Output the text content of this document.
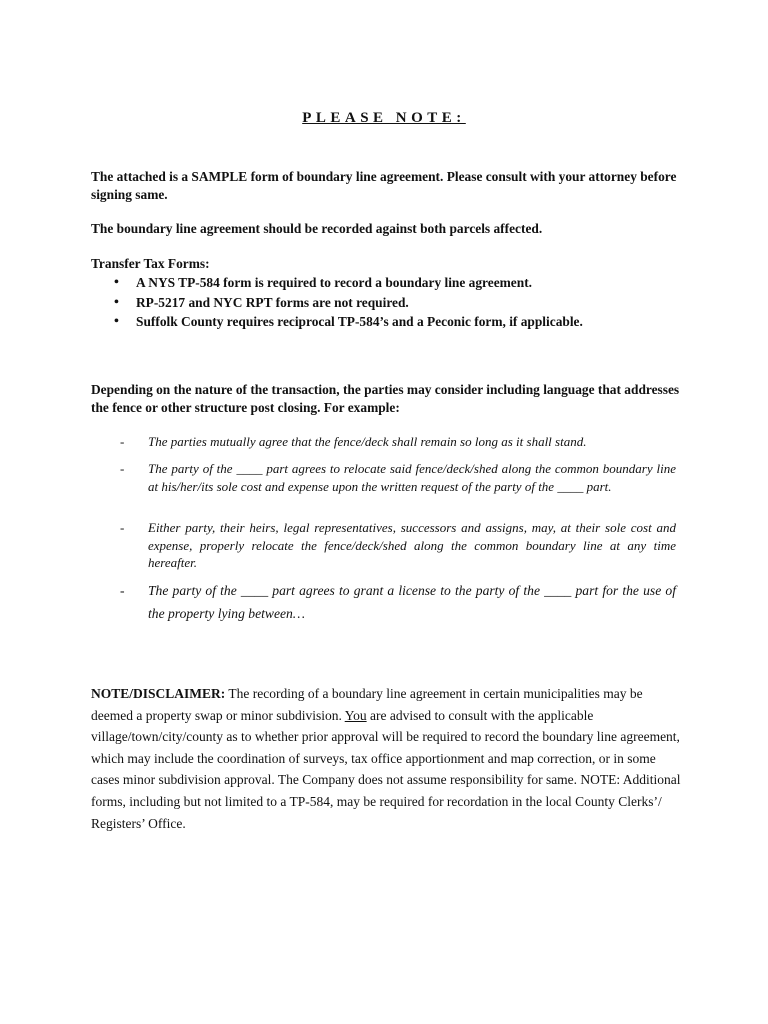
PLEASE NOTE:
The attached is a SAMPLE form of boundary line agreement. Please consult with your attorney before signing same.
The boundary line agreement should be recorded against both parcels affected.
Transfer Tax Forms:
• A NYS TP-584 form is required to record a boundary line agreement.
• RP-5217 and NYC RPT forms are not required.
• Suffolk County requires reciprocal TP-584’s and a Peconic form, if applicable.
Depending on the nature of the transaction, the parties may consider including language that addresses the fence or other structure post closing. For example:
-	The parties mutually agree that the fence/deck shall remain so long as it shall stand.
-	The party of the ____ part agrees to relocate said fence/deck/shed along the common boundary line at his/her/its sole cost and expense upon the written request of the party of the ____ part.
-	Either party, their heirs, legal representatives, successors and assigns, may, at their sole cost and expense, properly relocate the fence/deck/shed along the common boundary line at any time hereafter.
-	The party of the ____ part agrees to grant a license to the party of the ____ part for the use of the property lying between…
NOTE/DISCLAIMER: The recording of a boundary line agreement in certain municipalities may be deemed a property swap or minor subdivision. You are advised to consult with the applicable village/town/city/county as to whether prior approval will be required to record the boundary line agreement, which may include the coordination of surveys, tax office apportionment and map correction, or in some cases minor subdivision approval. The Company does not assume responsibility for same. NOTE: Additional forms, including but not limited to a TP-584, may be required for recordation in the local County Clerks’/ Registers’ Office.
